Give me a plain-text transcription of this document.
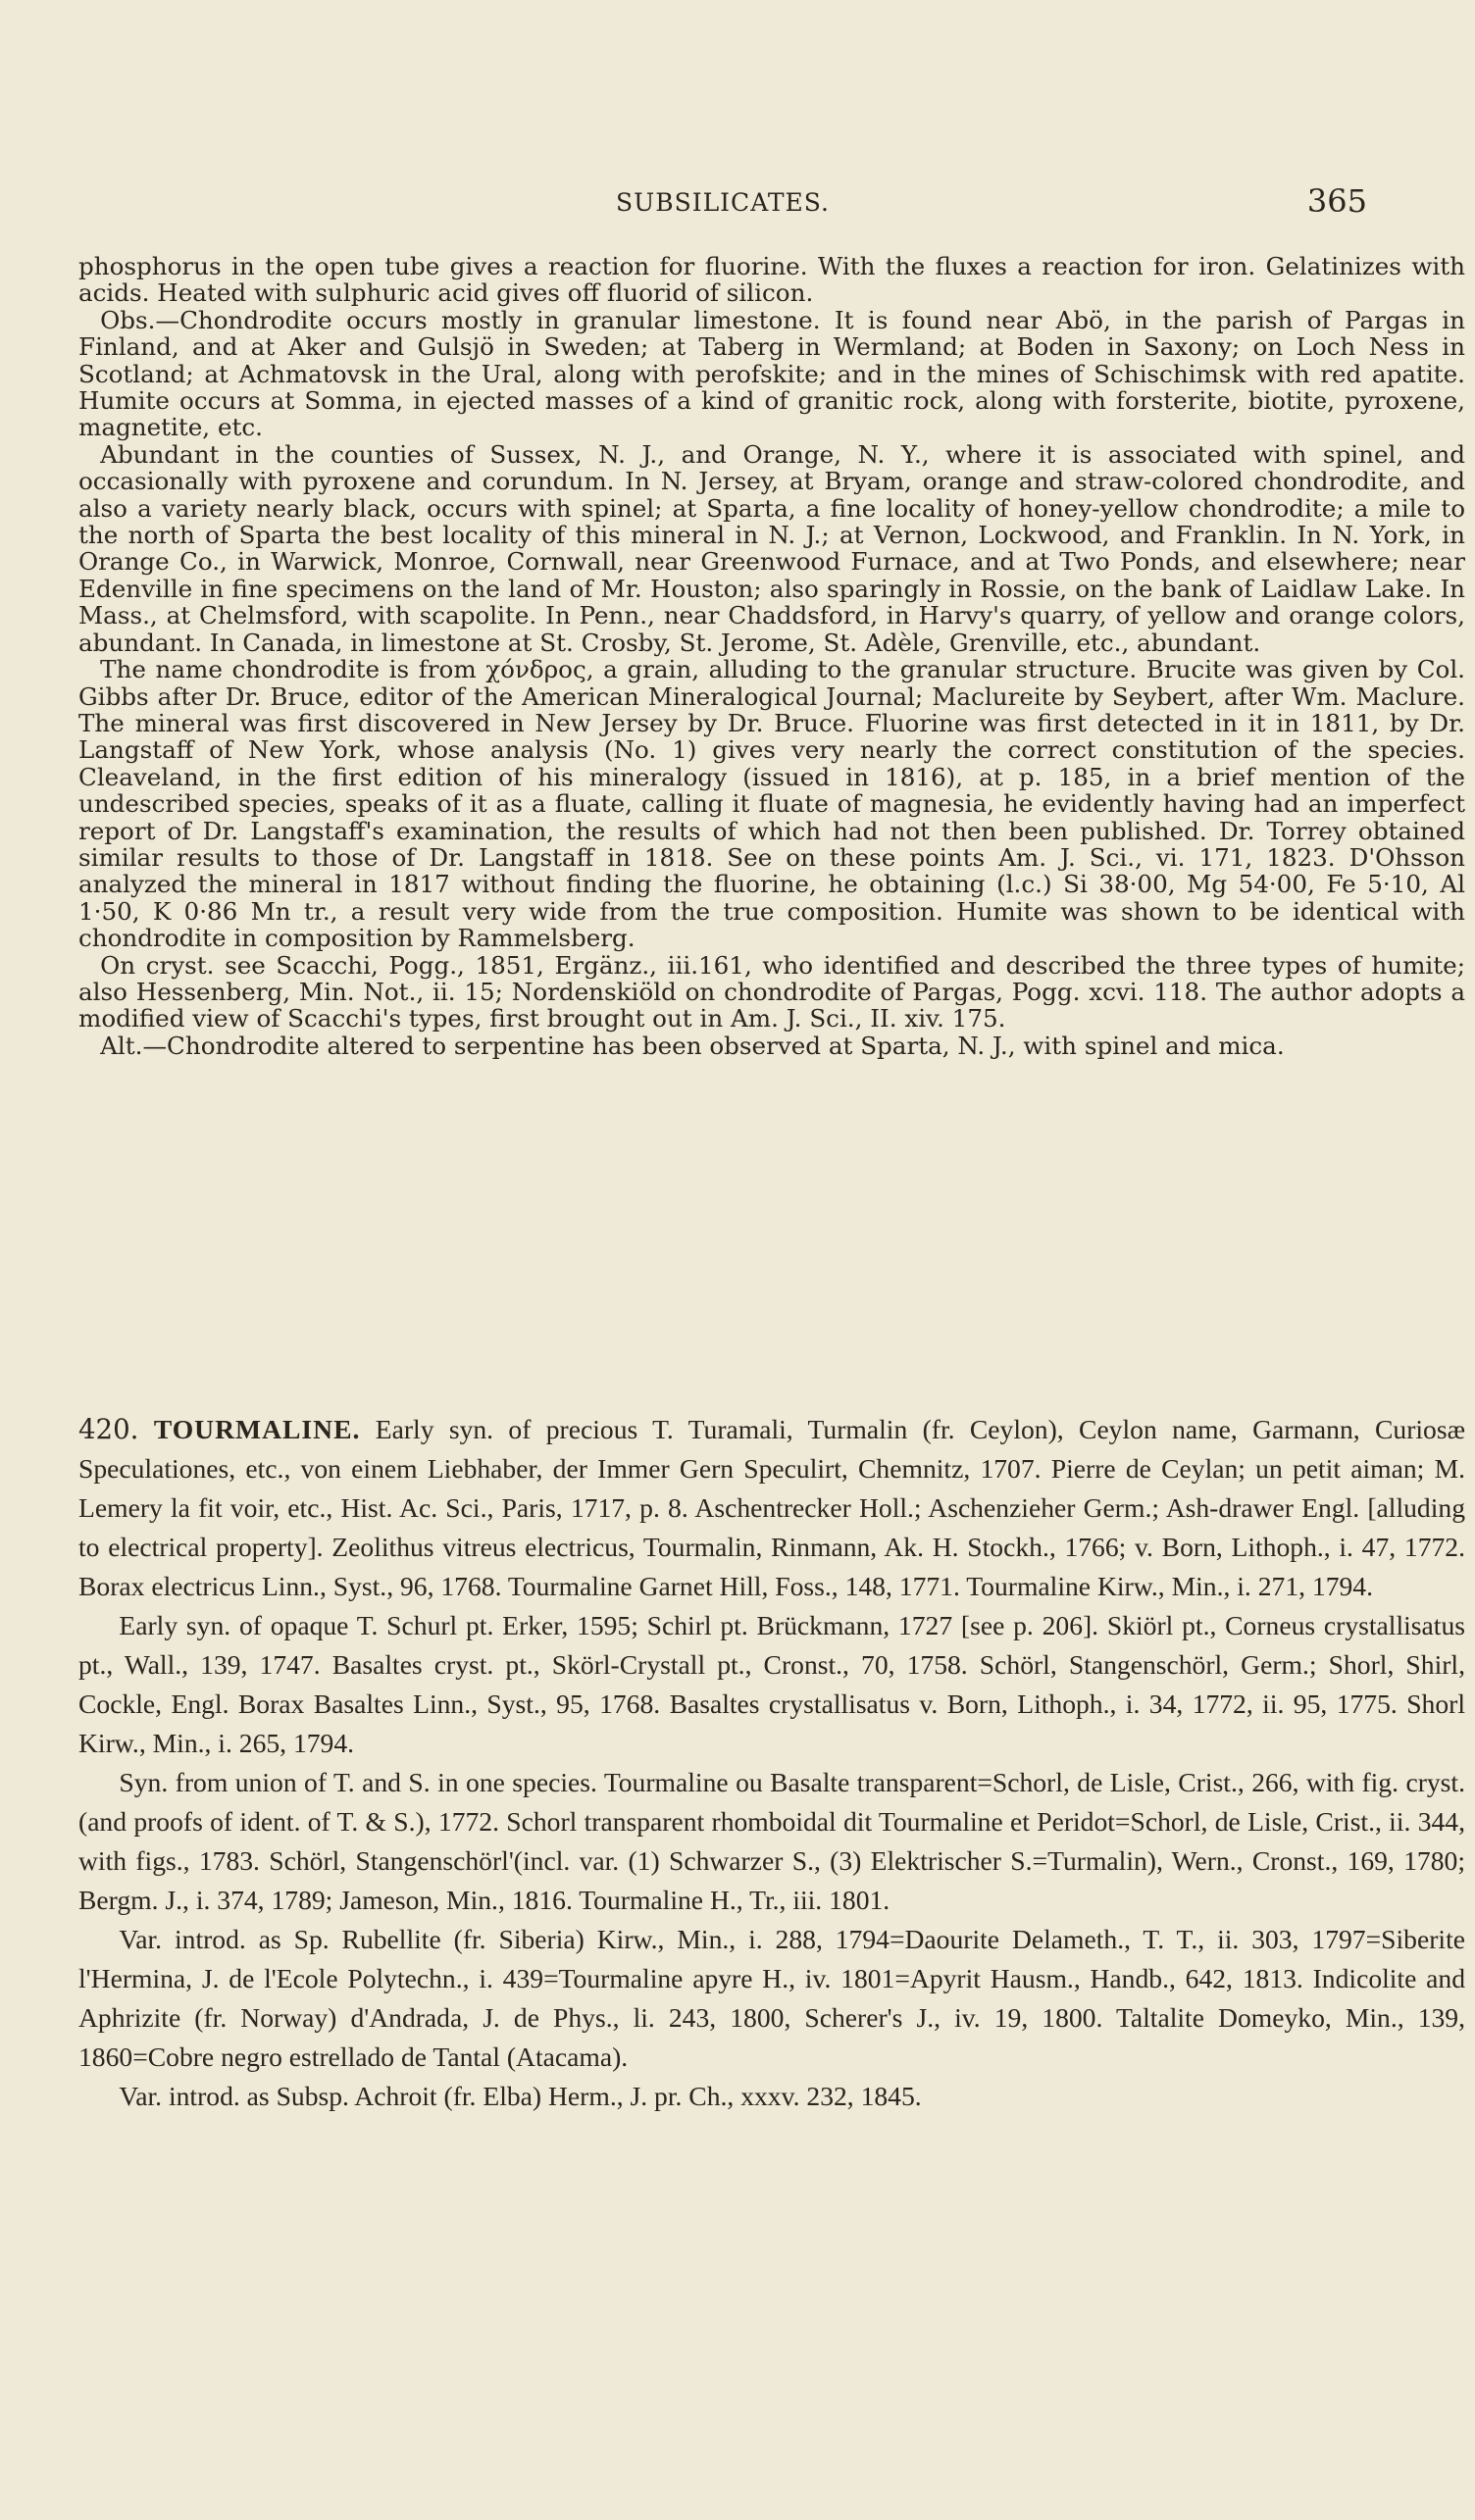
SUBSILICATES.	365

phosphorus in the open tube gives a reaction for fluorine. With the fluxes a reaction for iron. Gelatinizes with acids. Heated with sulphuric acid gives off fluorid of silicon.

Obs.—Chondrodite occurs mostly in granular limestone. It is found near Abö, in the parish of Pargas in Finland, and at Aker and Gulsjö in Sweden; at Taberg in Wermland; at Boden in Saxony; on Loch Ness in Scotland; at Achmatovsk in the Ural, along with perofskite; and in the mines of Schischimsk with red apatite. Humite occurs at Somma, in ejected masses of a kind of granitic rock, along with forsterite, biotite, pyroxene, magnetite, etc.

Abundant in the counties of Sussex, N. J., and Orange, N. Y., where it is associated with spinel, and occasionally with pyroxene and corundum. In N. Jersey, at Bryam, orange and straw-colored chondrodite, and also a variety nearly black, occurs with spinel; at Sparta, a fine locality of honey-yellow chondrodite; a mile to the north of Sparta the best locality of this mineral in N. J.; at Vernon, Lockwood, and Franklin. In N. York, in Orange Co., in Warwick, Monroe, Cornwall, near Greenwood Furnace, and at Two Ponds, and elsewhere; near Edenville in fine specimens on the land of Mr. Houston; also sparingly in Rossie, on the bank of Laidlaw Lake. In Mass., at Chelmsford, with scapolite. In Penn., near Chaddsford, in Harvy's quarry, of yellow and orange colors, abundant. In Canada, in limestone at St. Crosby, St. Jerome, St. Adèle, Grenville, etc., abundant.

The name chondrodite is from χόνδρος, a grain, alluding to the granular structure. Brucite was given by Col. Gibbs after Dr. Bruce, editor of the American Mineralogical Journal; Maclureite by Seybert, after Wm. Maclure. The mineral was first discovered in New Jersey by Dr. Bruce. Fluorine was first detected in it in 1811, by Dr. Langstaff of New York, whose analysis (No. 1) gives very nearly the correct constitution of the species. Cleaveland, in the first edition of his mineralogy (issued in 1816), at p. 185, in a brief mention of the undescribed species, speaks of it as a fluate, calling it fluate of magnesia, he evidently having had an imperfect report of Dr. Langstaff's examination, the results of which had not then been published. Dr. Torrey obtained similar results to those of Dr. Langstaff in 1818. See on these points Am. J. Sci., vi. 171, 1823. D'Ohsson analyzed the mineral in 1817 without finding the fluorine, he obtaining (l.c.) Si 38·00, Mg 54·00, Fe 5·10, Al 1·50, K 0·86 Mn tr., a result very wide from the true composition. Humite was shown to be identical with chondrodite in composition by Rammelsberg.

On cryst. see Scacchi, Pogg., 1851, Ergänz., iii.161, who identified and described the three types of humite; also Hessenberg, Min. Not., ii. 15; Nordenskiöld on chondrodite of Pargas, Pogg. xcvi. 118. The author adopts a modified view of Scacchi's types, first brought out in Am. J. Sci., II. xiv. 175.

Alt.—Chondrodite altered to serpentine has been observed at Sparta, N. J., with spinel and mica.

420. TOURMALINE. Early syn. of precious T. Turamali, Turmalin (fr. Ceylon), Ceylon name, Garmann, Curiosæ Speculationes, etc., von einem Liebhaber, der Immer Gern Speculirt, Chemnitz, 1707. Pierre de Ceylan; un petit aiman; M. Lemery la fit voir, etc., Hist. Ac. Sci., Paris, 1717, p. 8. Aschentrecker Holl.; Aschenzieher Germ.; Ash-drawer Engl. [alluding to electrical property]. Zeolithus vitreus electricus, Tourmalin, Rinmann, Ak. H. Stockh., 1766; v. Born, Lithoph., i. 47, 1772. Borax electricus Linn., Syst., 96, 1768. Tourmaline Garnet Hill, Foss., 148, 1771. Tourmaline Kirw., Min., i. 271, 1794.

Early syn. of opaque T. Schurl pt. Erker, 1595; Schirl pt. Brückmann, 1727 [see p. 206]. Skiörl pt., Corneus crystallisatus pt., Wall., 139, 1747. Basaltes cryst. pt., Skörl-Crystall pt., Cronst., 70, 1758. Schörl, Stangenschörl, Germ.; Shorl, Shirl, Cockle, Engl. Borax Basaltes Linn., Syst., 95, 1768. Basaltes crystallisatus v. Born, Lithoph., i. 34, 1772, ii. 95, 1775. Shorl Kirw., Min., i. 265, 1794.

Syn. from union of T. and S. in one species. Tourmaline ou Basalte transparent=Schorl, de Lisle, Crist., 266, with fig. cryst. (and proofs of ident. of T. & S.), 1772. Schorl transparent rhomboidal dit Tourmaline et Peridot=Schorl, de Lisle, Crist., ii. 344, with figs., 1783. Schörl, Stangenschörl'(incl. var. (1) Schwarzer S., (3) Elektrischer S.=Turmalin), Wern., Cronst., 169, 1780; Bergm. J., i. 374, 1789; Jameson, Min., 1816. Tourmaline H., Tr., iii. 1801.

Var. introd. as Sp. Rubellite (fr. Siberia) Kirw., Min., i. 288, 1794=Daourite Delameth., T. T., ii. 303, 1797=Siberite l'Hermina, J. de l'Ecole Polytechn., i. 439=Tourmaline apyre H., iv. 1801=Apyrit Hausm., Handb., 642, 1813. Indicolite and Aphrizite (fr. Norway) d'Andrada, J. de Phys., li. 243, 1800, Scherer's J., iv. 19, 1800. Taltalite Domeyko, Min., 139, 1860=Cobre negro estrellado de Tantal (Atacama).

Var. introd. as Subsp. Achroit (fr. Elba) Herm., J. pr. Ch., xxxv. 232, 1845.
